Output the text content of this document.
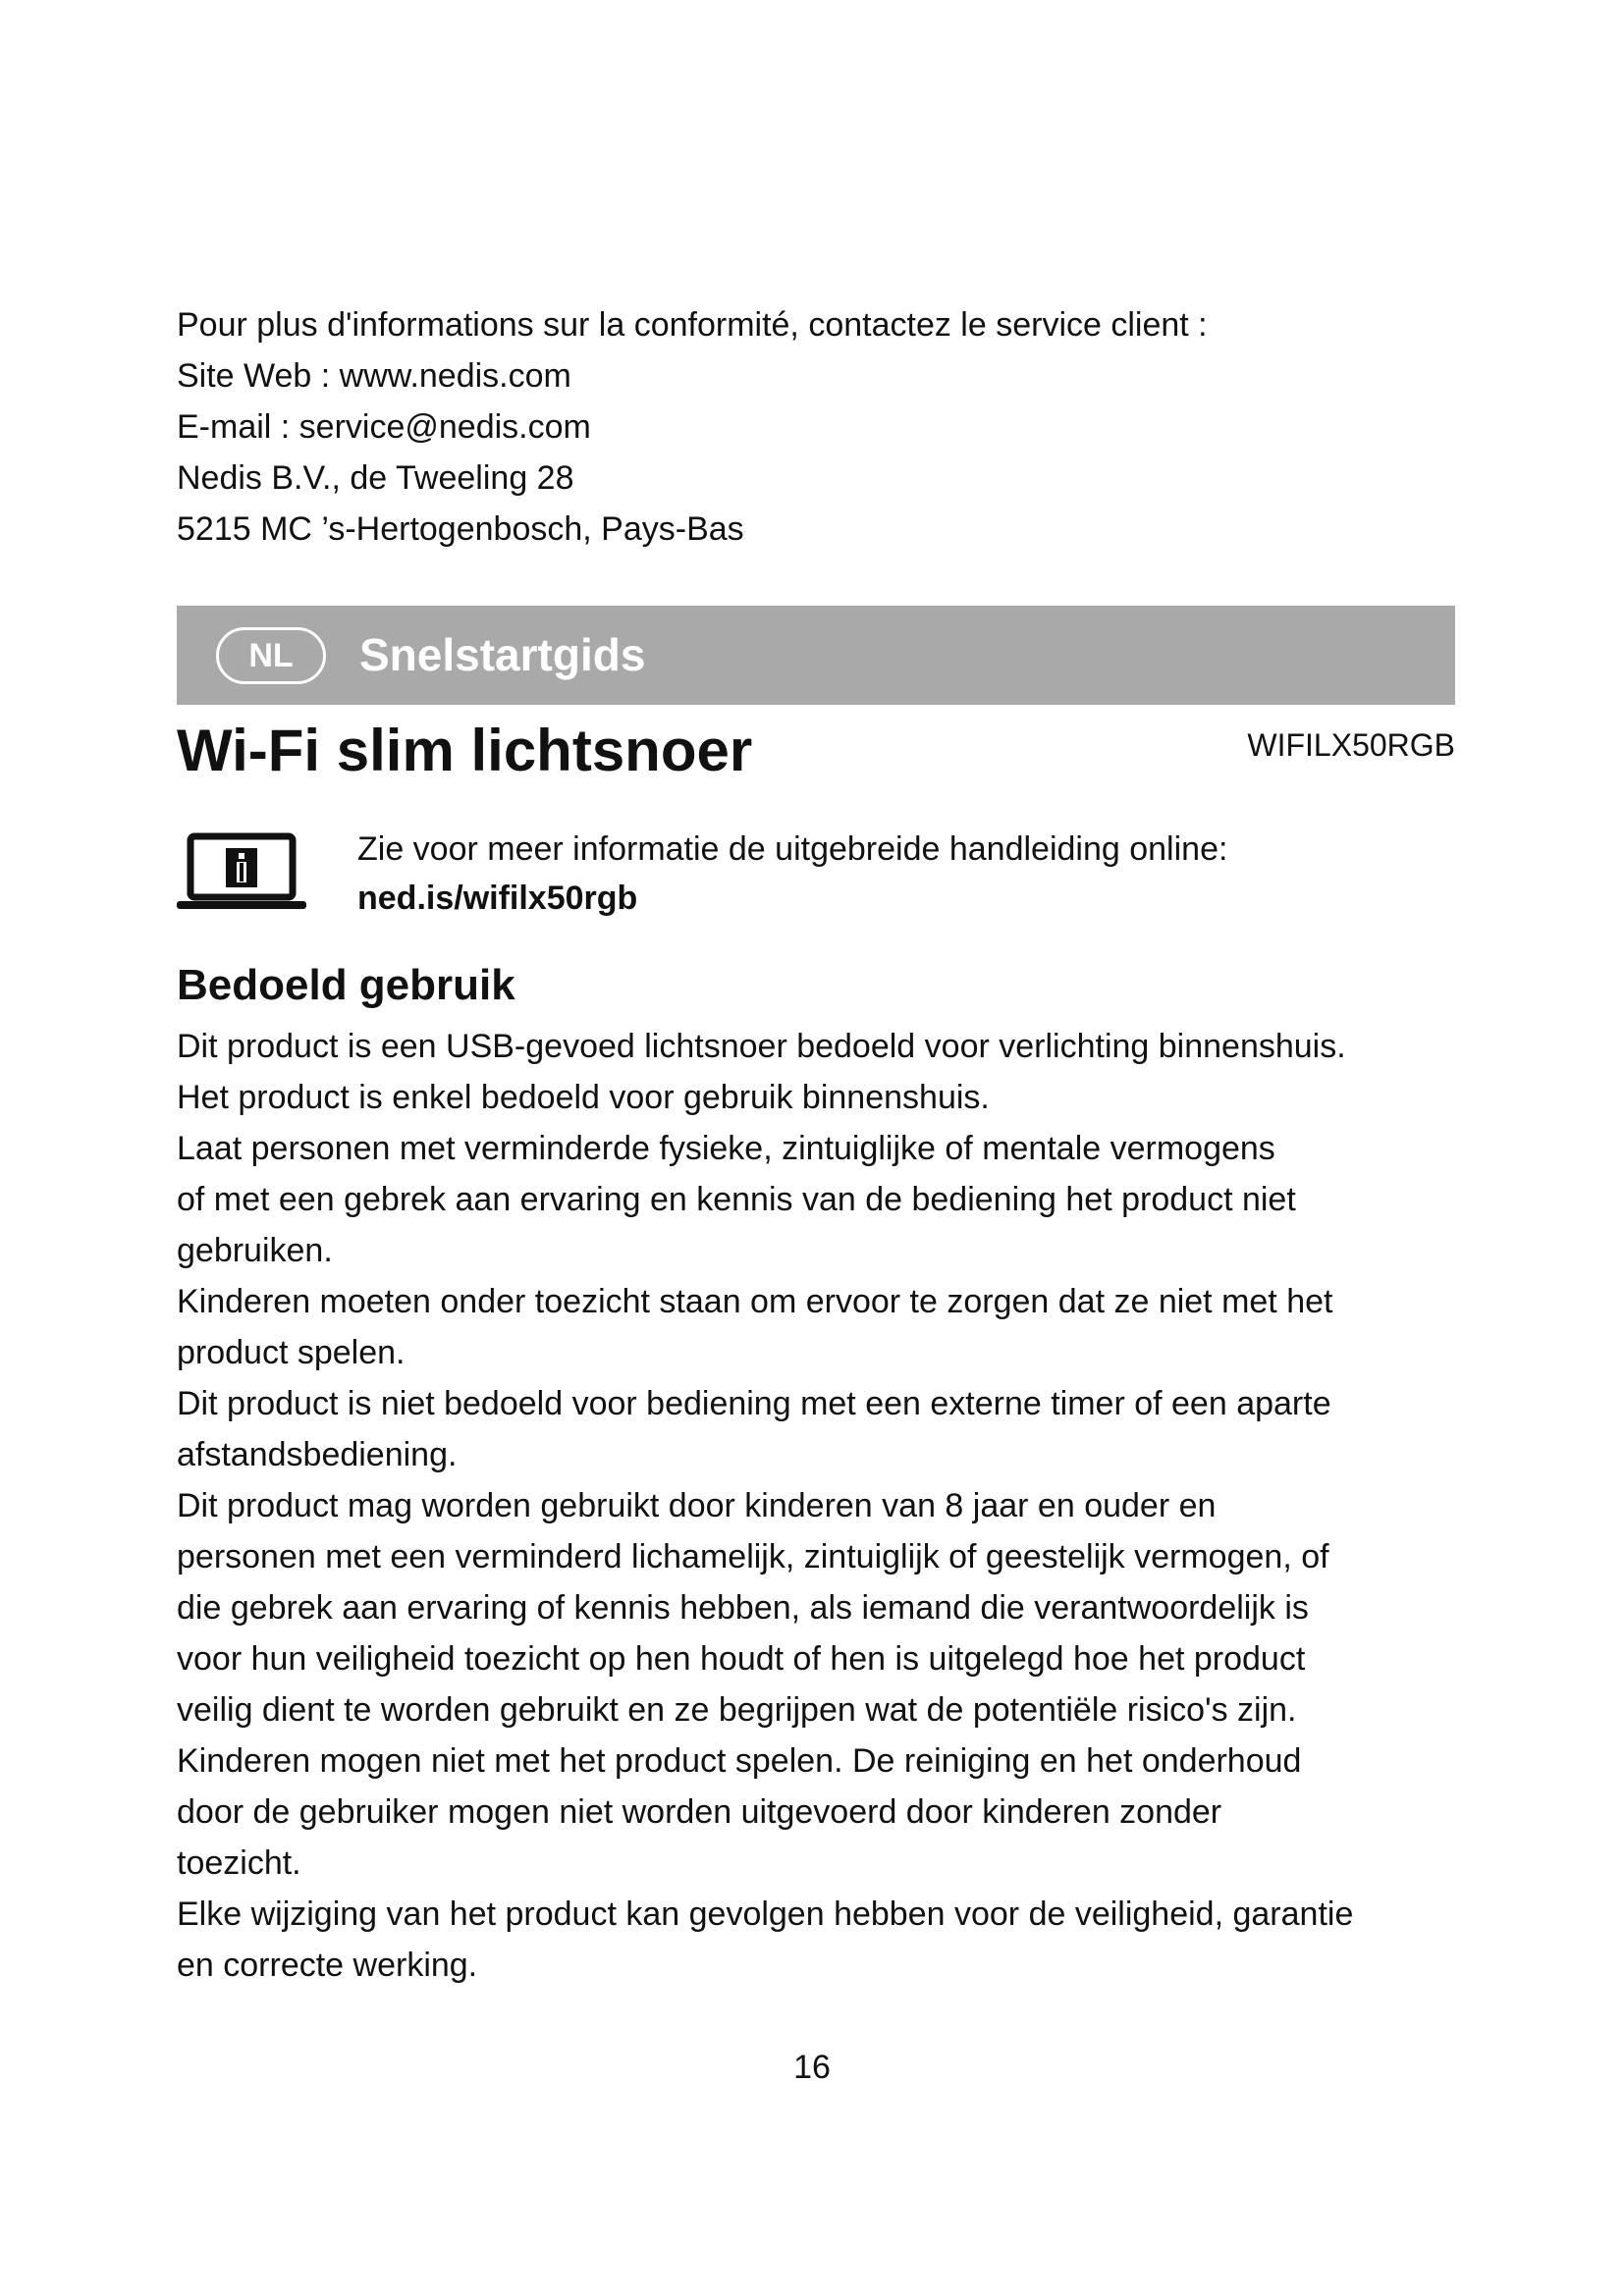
Pour plus d'informations sur la conformité, contactez le service client :
Site Web : www.nedis.com
E-mail : service@nedis.com
Nedis B.V., de Tweeling 28
5215 MC ’s-Hertogenbosch, Pays-Bas
NL	Snelstartgids
Wi-Fi slim lichtsnoer	WIFILX50RGB
Zie voor meer informatie de uitgebreide handleiding online:
ned.is/wifilx50rgb
Bedoeld gebruik
Dit product is een USB-gevoed lichtsnoer bedoeld voor verlichting binnenshuis.
Het product is enkel bedoeld voor gebruik binnenshuis.
Laat personen met verminderde fysieke, zintuiglijke of mentale vermogens
of met een gebrek aan ervaring en kennis van de bediening het product niet
gebruiken.
Kinderen moeten onder toezicht staan om ervoor te zorgen dat ze niet met het
product spelen.
Dit product is niet bedoeld voor bediening met een externe timer of een aparte
afstandsbediening.
Dit product mag worden gebruikt door kinderen van 8 jaar en ouder en
personen met een verminderd lichamelijk, zintuiglijk of geestelijk vermogen, of
die gebrek aan ervaring of kennis hebben, als iemand die verantwoordelijk is
voor hun veiligheid toezicht op hen houdt of hen is uitgelegd hoe het product
veilig dient te worden gebruikt en ze begrijpen wat de potentiële risico's zijn.
Kinderen mogen niet met het product spelen. De reiniging en het onderhoud
door de gebruiker mogen niet worden uitgevoerd door kinderen zonder
toezicht.
Elke wijziging van het product kan gevolgen hebben voor de veiligheid, garantie
en correcte werking.
16
